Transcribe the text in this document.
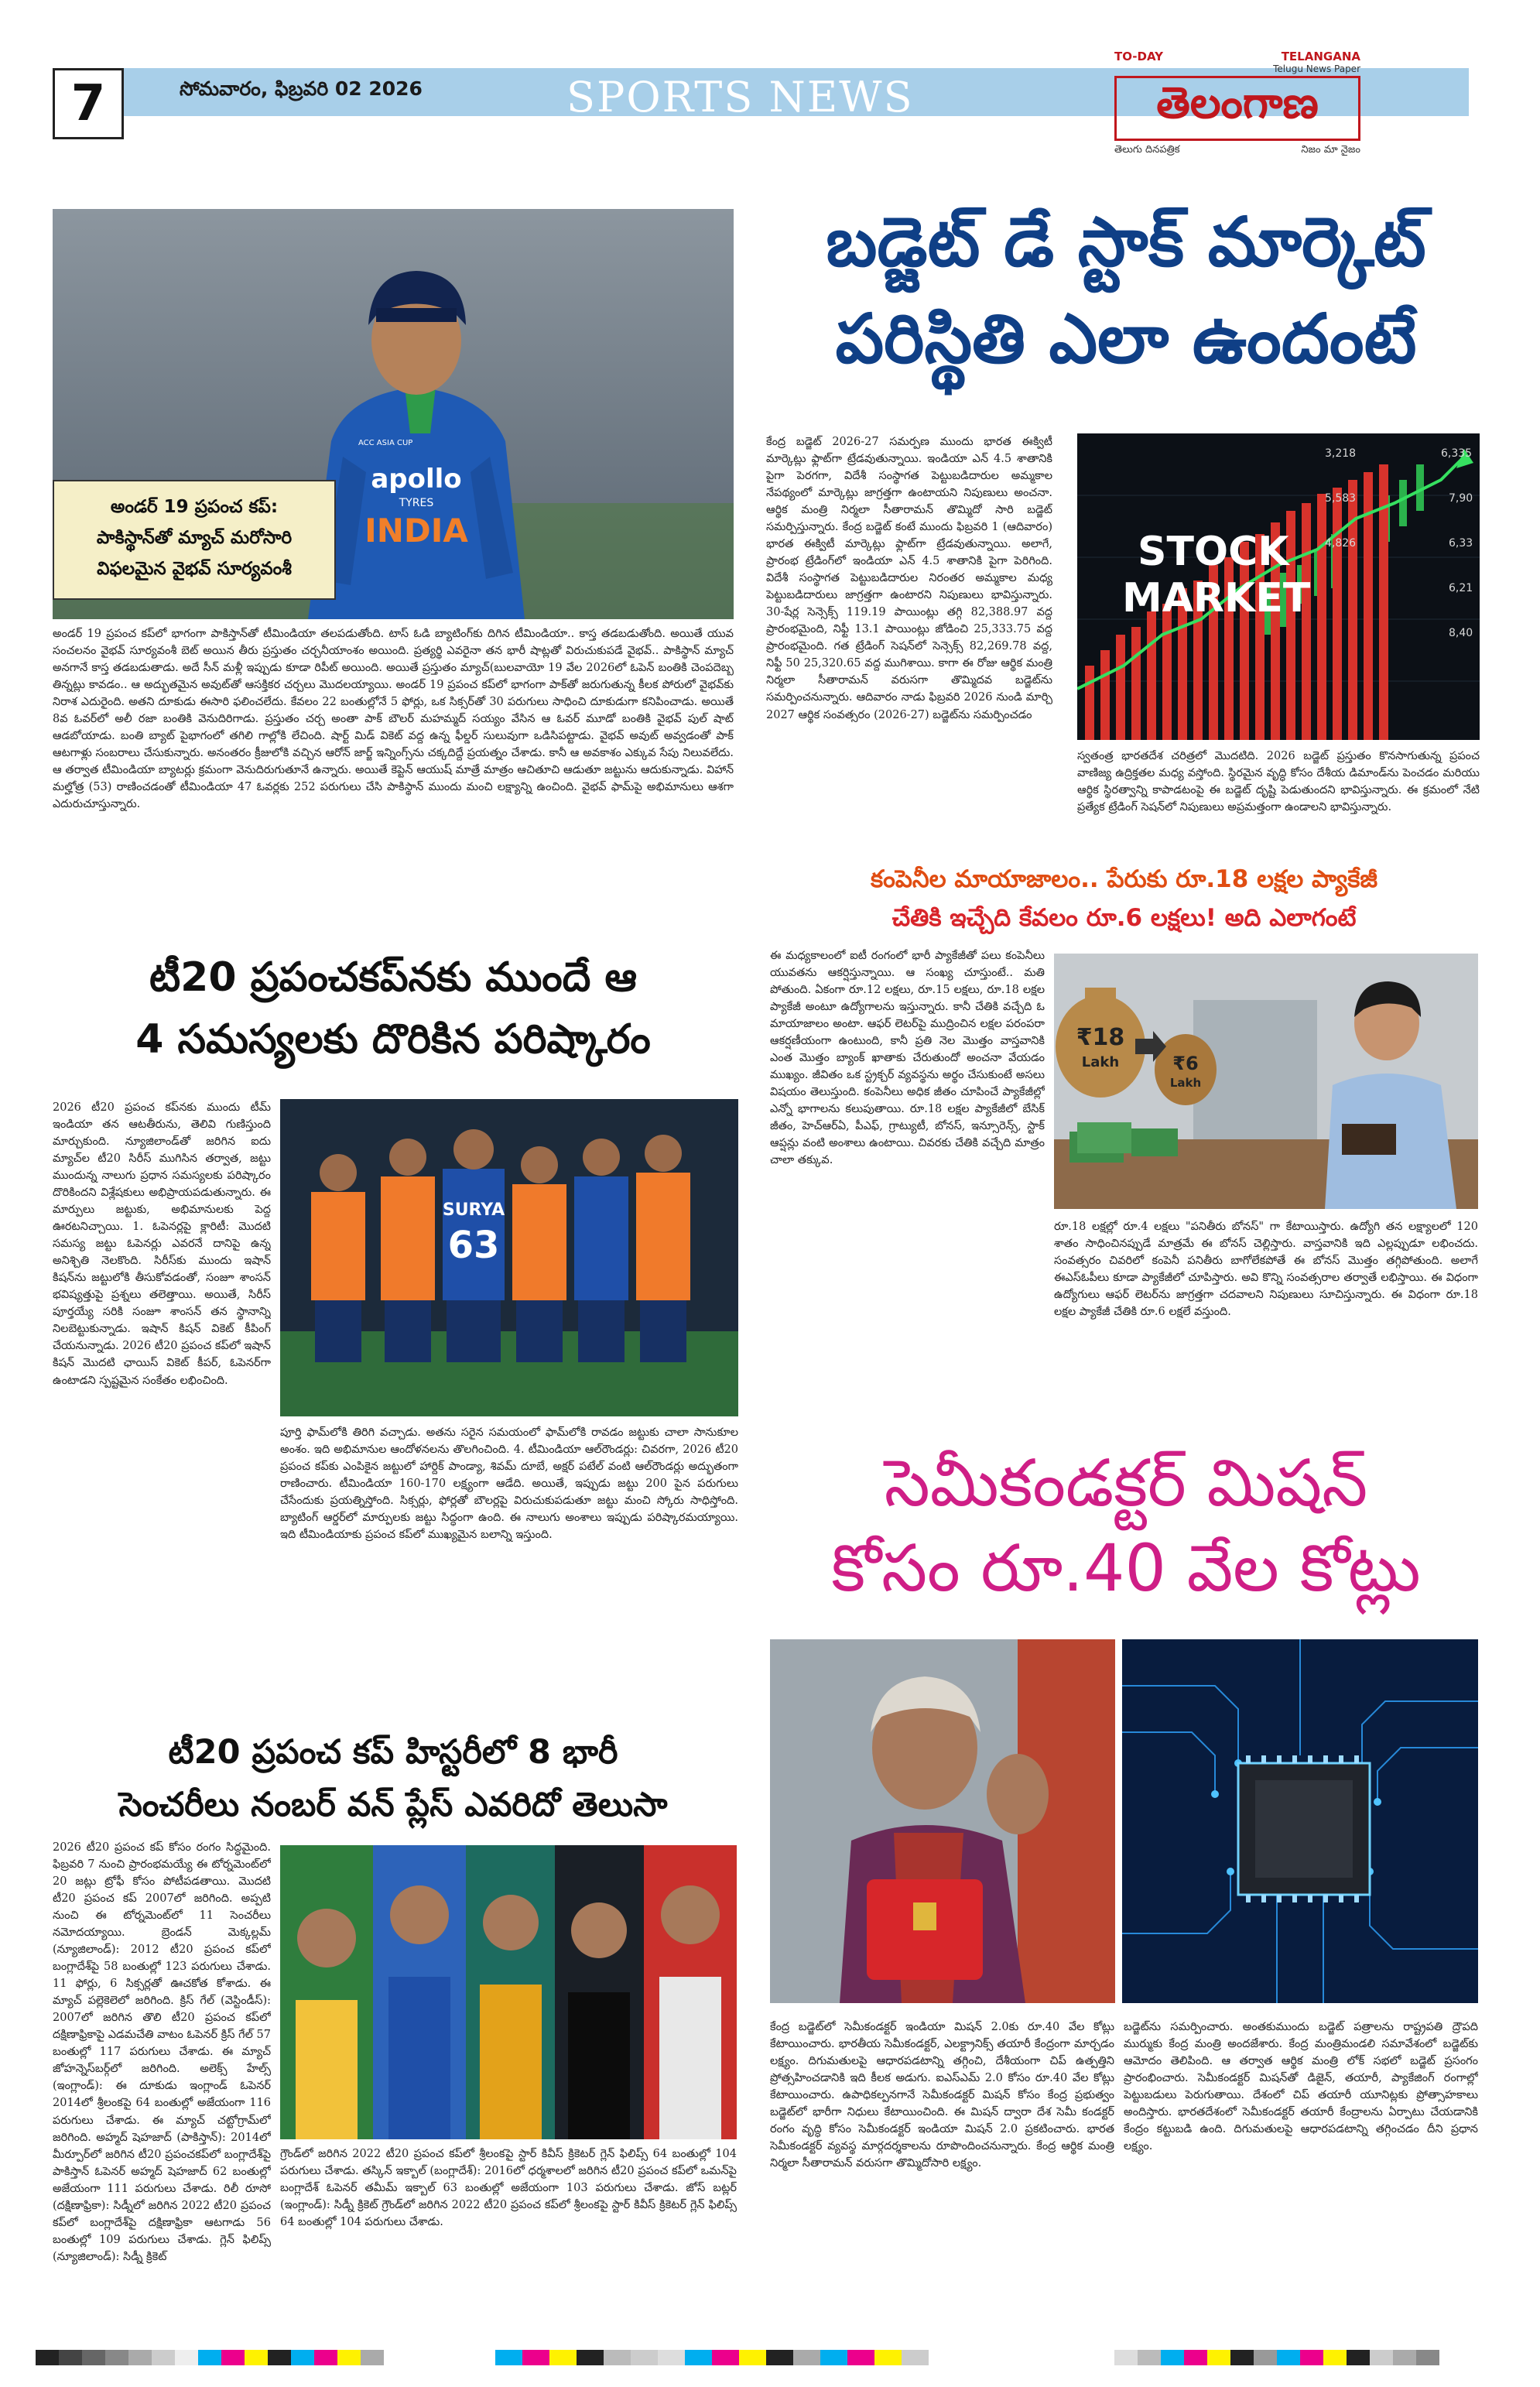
7	సోమవారం, ఫిబ్రవరి 02 2026	SPORTS NEWS
TO-DAY	TELANGANA
Telugu News Paper
తెలంగాణ
తెలుగు దినపత్రిక	నిజం మా నైజం
apollo
TYRES
INDIA
ACC ASIA CUP
అండర్ 19 ప్రపంచ కప్:
పాకిస్థాన్‌తో మ్యాచ్ మరోసారి
విఫలమైన వైభవ్ సూర్యవంశీ
అండర్ 19 ప్రపంచ కప్‌లో భాగంగా పాకిస్తాన్‌తో టీమిండియా తలపడుతోంది. టాస్ ఓడి బ్యాటింగ్‌కు దిగిన టీమిండియా.. కాస్త తడబడుతోంది. అయితే యువ సంచలనం వైభవ్ సూర్యవంశీ బెట్ అయిన తీరు ప్రస్తుతం చర్చనీయాంశం అయింది. ప్రత్యర్థి ఎవరైనా తన భారీ షాట్లతో విరుచుకుపడే వైభవ్.. పాకిస్థాన్ మ్యాచ్ అనగానే కాస్త తడబడుతాడు. అదే సీన్ మళ్లీ ఇప్పుడు కూడా రిపీట్ అయింది. అయితే ప్రస్తుతం మ్యాచ్‌(బులవాయో 19 వేల 2026లో ఓపెన్ బంతికి చెంపదెబ్బ తిన్నట్లు కావడం.. ఆ అద్భుతమైన అవుట్‌తో ఆసక్తికర చర్చలు మొదలయ్యాయి. అండర్ 19 ప్రపంచ కప్‌లో భాగంగా పాక్‌తో జరుగుతున్న కీలక పోరులో వైభవ్‌కు నిరాశ ఎదురైంది. అతని దూకుడు ఈసారి ఫలించలేదు. కేవలం 22 బంతుల్లోనే 5 ఫోర్లు, ఒక సిక్సర్‌తో 30 పరుగులు సాధించి దూకుడుగా కనిపించాడు. అయితే 8వ ఓవర్‌లో అలీ రజా బంతికి వెనుదిరిగాడు. ప్రస్తుతం చర్చ అంతా పాక్ బౌలర్ మహమ్మద్ సయ్యం వేసిన ఆ ఓవర్ మూడో బంతికి వైభవ్ పుల్ షాట్ ఆడబోయాడు. బంతి బ్యాట్ పైభాగంలో తగిలి గాల్లోకి లేచింది. షార్ట్ మిడ్ వికెట్ వద్ద ఉన్న ఫీల్డర్ సులువుగా ఒడిసిపట్టాడు. వైభవ్ అవుట్ అవ్వడంతో పాక్ ఆటగాళ్లు సంబరాలు చేసుకున్నారు. అనంతరం క్రీజులోకి వచ్చిన ఆరోన్ జార్జ్ ఇన్నింగ్స్‌ను చక్కదిద్దే ప్రయత్నం చేశాడు. కానీ ఆ అవకాశం ఎక్కువ సేపు నిలువలేదు. ఆ తర్వాత టీమిండియా బ్యాటర్లు క్రమంగా వెనుదిరుగుతూనే ఉన్నారు. అయితే కెప్టెన్ ఆయుష్ మాత్రే మాత్రం ఆచితూచి ఆడుతూ జట్టును ఆదుకున్నాడు. విహాన్ మల్హోత్ర (53) రాణించడంతో టీమిండియా 47 ఓవర్లకు 252 పరుగులు చేసి పాకిస్థాన్ ముందు మంచి లక్ష్యాన్ని ఉంచింది. వైభవ్ ఫామ్‌పై అభిమానులు ఆశగా ఎదురుచూస్తున్నారు.
బడ్జెట్ డే స్టాక్ మార్కెట్
పరిస్థితి ఎలా ఉందంటే
కేంద్ర బడ్జెట్ 2026-27 సమర్పణ ముందు భారత ఈక్విటీ మార్కెట్లు ఫ్లాట్‌గా ట్రేడవుతున్నాయి. ఇండియా ఎన్ 4.5 శాతానికి పైగా పెరగగా, విదేశీ సంస్థాగత పెట్టుబడిదారుల అమ్మకాల నేపథ్యంలో మార్కెట్లు జాగ్రత్తగా ఉంటాయని నిపుణులు అంచనా. ఆర్థిక మంత్రి నిర్మలా సీతారామన్ తొమ్మిదో సారి బడ్జెట్ సమర్పిస్తున్నారు. కేంద్ర బడ్జెట్ కంటే ముందు ఫిబ్రవరి 1 (ఆదివారం) భారత ఈక్విటీ మార్కెట్లు ఫ్లాట్‌గా ట్రేడవుతున్నాయి. అలాగే, ప్రారంభ ట్రేడింగ్‌లో ఇండియా ఎన్ 4.5 శాతానికి పైగా పెరిగింది. విదేశీ సంస్థాగత పెట్టుబడిదారుల నిరంతర అమ్మకాల మధ్య పెట్టుబడిదారులు జాగ్రత్తగా ఉంటారని నిపుణులు భావిస్తున్నారు. 30-షేర్ల సెన్సెక్స్ 119.19 పాయింట్లు తగ్గి 82,388.97 వద్ద ప్రారంభమైంది, నిఫ్టీ 13.1 పాయింట్లు జోడించి 25,333.75 వద్ద ప్రారంభమైంది. గత ట్రేడింగ్ సెషన్‌లో సెన్సెక్స్ 82,269.78 వద్ద, నిఫ్టీ 50 25,320.65 వద్ద ముగిశాయి. కాగా ఈ రోజు ఆర్థిక మంత్రి నిర్మలా సీతారామన్ వరుసగా తొమ్మిదవ బడ్జెట్‌ను సమర్పించనున్నారు. ఆదివారం నాడు ఫిబ్రవరి 2026 నుండి మార్చి 2027 ఆర్థిక సంవత్సరం (2026-27) బడ్జెట్‌ను సమర్పించడం
STOCK
MARKET
3,218	6,335
5,583	7,90
4,826	6,33
6,21
8,40
స్వతంత్ర భారతదేశ చరిత్రలో మొదటిది. 2026 బడ్జెట్ ప్రస్తుతం కొనసాగుతున్న ప్రపంచ వాణిజ్య ఉద్రిక్తతల మధ్య వస్తోంది. స్థిరమైన వృద్ధి కోసం దేశీయ డిమాండ్‌ను పెంచడం మరియు ఆర్థిక స్థిరత్వాన్ని కాపాడటంపై ఈ బడ్జెట్ దృష్టి పెడుతుందని భావిస్తున్నారు. ఈ క్రమంలో నేటి ప్రత్యేక ట్రేడింగ్ సెషన్‌లో నిపుణులు అప్రమత్తంగా ఉండాలని భావిస్తున్నారు.
కంపెనీల మాయాజాలం.. పేరుకు రూ.18 లక్షల ప్యాకేజీ
చేతికి ఇచ్చేది కేవలం రూ.6 లక్షలు! అది ఎలాగంటే
ఈ మధ్యకాలంలో ఐటీ రంగంలో భారీ ప్యాకేజీతో పలు కంపెనీలు యువతను ఆకర్షిస్తున్నాయి. ఆ సంఖ్య చూస్తుంటే.. మతి పోతుంది. ఏకంగా రూ.12 లక్షలు, రూ.15 లక్షలు, రూ.18 లక్షల ప్యాకేజీ అంటూ ఉద్యోగాలను ఇస్తున్నారు. కానీ చేతికి వచ్చేది ఓ మాయాజాలం అంటా. ఆఫర్ లెటర్‌పై ముద్రించిన లక్షల పరంపరా ఆకర్షణీయంగా ఉంటుంది, కానీ ప్రతి నెల మొత్తం వాస్తవానికి ఎంత మొత్తం బ్యాంక్ ఖాతాకు చేరుతుందో అంచనా వేయడం ముఖ్యం. జీవితం ఒక స్ట్రక్చర్ వ్యవస్థను అర్థం చేసుకుంటే అసలు విషయం తెలుస్తుంది. కంపెనీలు అధిక జీతం చూపించే ప్యాకేజీల్లో ఎన్నో భాగాలను కలుపుతాయి. రూ.18 లక్షల ప్యాకేజీలో బేసిక్ జీతం, హెచ్‌ఆర్‌ఏ, పీఎఫ్, గ్రాట్యుటీ, బోనస్, ఇన్సూరెన్స్, స్టాక్ ఆప్షన్లు వంటి అంశాలు ఉంటాయి. చివరకు చేతికి వచ్చేది మాత్రం చాలా తక్కువ.
₹18
Lakh	₹6
Lakh
రూ.18 లక్షల్లో రూ.4 లక్షలు "పనితీరు బోనస్" గా కేటాయిస్తారు. ఉద్యోగి తన లక్ష్యాలలో 120 శాతం సాధించినప్పుడే మాత్రమే ఈ బోనస్ చెల్లిస్తారు. వాస్తవానికి ఇది ఎల్లప్పుడూ లభించదు. సంవత్సరం చివరిలో కంపెనీ పనితీరు బాగోలేకపోతే ఈ బోనస్ మొత్తం తగ్గిపోతుంది. అలాగే ఈఎస్‌ఓపీలు కూడా ప్యాకేజీలో చూపిస్తారు. అవి కొన్ని సంవత్సరాల తర్వాతే లభిస్తాయి. ఈ విధంగా ఉద్యోగులు ఆఫర్ లెటర్‌ను జాగ్రత్తగా చదవాలని నిపుణులు సూచిస్తున్నారు. ఈ విధంగా రూ.18 లక్షల ప్యాకేజీ చేతికి రూ.6 లక్షలే వస్తుంది.
టీ20 ప్రపంచకప్‌నకు ముందే ఆ
4 సమస్యలకు దొరికిన పరిష్కారం
2026 టీ20 ప్రపంచ కప్‌నకు ముందు టీమ్ ఇండియా తన ఆటతీరును, తెలివి గుణిస్తుంది మార్చుకుంది. న్యూజిలాండ్‌తో జరిగిన ఐదు మ్యాచ్‌ల టీ20 సిరీస్ ముగిసిన తర్వాత, జట్టు ముందున్న నాలుగు ప్రధాన సమస్యలకు పరిష్కారం దొరికిందని విశ్లేషకులు అభిప్రాయపడుతున్నారు. ఈ మార్పులు జట్టుకు, అభిమానులకు పెద్ద ఊరటనిచ్చాయి. 1. ఓపెనర్లపై క్లారిటీ: మొదటి సమస్య జట్టు ఓపెనర్లు ఎవరనే దానిపై ఉన్న అనిశ్చితి నెలకొంది. సిరీస్‌కు ముందు ఇషాన్ కిషన్‌ను జట్టులోకి తీసుకోవడంతో, సంజూ శాంసన్ భవిష్యత్తుపై ప్రశ్నలు తలెత్తాయి. అయితే, సిరీస్ పూర్తయ్యే సరికి సంజూ శాంసన్ తన స్థానాన్ని నిలబెట్టుకున్నాడు. ఇషాన్ కిషన్ వికెట్ కీపింగ్ చేయనున్నాడు. 2026 టీ20 ప్రపంచ కప్‌లో ఇషాన్ కిషన్ మొదటి ఛాయిస్ వికెట్ కీపర్, ఓపెనర్‌గా ఉంటాడని స్పష్టమైన సంకేతం లభించింది.
SURYA
63
పూర్తి ఫామ్‌లోకి తిరిగి వచ్చాడు. అతను సరైన సమయంలో ఫామ్‌లోకి రావడం జట్టుకు చాలా సానుకూల అంశం. ఇది అభిమానుల ఆందోళనలను తొలగించింది. 4. టీమిండియా ఆల్‌రౌండర్లు: చివరగా, 2026 టీ20 ప్రపంచ కప్‌కు ఎంపికైన జట్టులో హార్దిక్ పాండ్యా, శివమ్ దూబే, అక్షర్ పటేల్ వంటి ఆల్‌రౌండర్లు అద్భుతంగా రాణించారు. టీమిండియా 160-170 లక్ష్యంగా ఆడేది. అయితే, ఇప్పుడు జట్టు 200 పైన పరుగులు చేసేందుకు ప్రయత్నిస్తోంది. సిక్సర్లు, ఫోర్లతో బౌలర్లపై విరుచుకుపడుతూ జట్టు మంచి స్కోరు సాధిస్తోంది. బ్యాటింగ్ ఆర్డర్‌లో మార్పులకు జట్టు సిద్ధంగా ఉంది. ఈ నాలుగు అంశాలు ఇప్పుడు పరిష్కారమయ్యాయి. ఇది టీమిండియాకు ప్రపంచ కప్‌లో ముఖ్యమైన బలాన్ని ఇస్తుంది.
టీ20 ప్రపంచ కప్ హిస్టరీలో 8 భారీ
సెంచరీలు నంబర్ వన్ ప్లేస్ ఎవరిదో తెలుసా
2026 టీ20 ప్రపంచ కప్ కోసం రంగం సిద్ధమైంది. ఫిబ్రవరి 7 నుంచి ప్రారంభమయ్యే ఈ టోర్నమెంట్‌లో 20 జట్లు ట్రోఫీ కోసం పోటీపడతాయి. మొదటి టీ20 ప్రపంచ కప్ 2007లో జరిగింది. అప్పటి నుంచి ఈ టోర్నమెంట్‌లో 11 సెంచరీలు నమోదయ్యాయి. బ్రెండన్ మెక్కల్లమ్ (న్యూజిలాండ్): 2012 టీ20 ప్రపంచ కప్‌లో బంగ్లాదేశ్‌పై 58 బంతుల్లో 123 పరుగులు చేశాడు. 11 ఫోర్లు, 6 సిక్సర్లతో ఊచకోత కోశాడు. ఈ మ్యాచ్ పల్లెకెలెలో జరిగింది. క్రిస్ గేల్ (వెస్టిండీస్): 2007లో జరిగిన తొలి టీ20 ప్రపంచ కప్‌లో దక్షిణాఫ్రికాపై ఎడమచేతి వాటం ఓపెనర్ క్రిస్ గేల్ 57 బంతుల్లో 117 పరుగులు చేశాడు. ఈ మ్యాచ్ జోహన్నెస్‌బర్గ్‌లో జరిగింది. అలెక్స్ హేల్స్ (ఇంగ్లాండ్): ఈ దూకుడు ఇంగ్లాండ్ ఓపెనర్ 2014లో శ్రీలంకపై 64 బంతుల్లో అజేయంగా 116 పరుగులు చేశాడు. ఈ మ్యాచ్ చట్టోగ్రామ్‌లో జరిగింది. అహ్మద్ షెహజాద్ (పాకిస్తాన్): 2014లో మీర్పూర్‌లో జరిగిన టీ20 ప్రపంచకప్‌లో బంగ్లాదేశ్‌పై పాకిస్తాన్ ఓపెనర్ అహ్మద్ షెహజాద్ 62 బంతుల్లో అజేయంగా 111 పరుగులు చేశాడు. రిలీ రూసో (దక్షిణాఫ్రికా): సిడ్నీలో జరిగిన 2022 టీ20 ప్రపంచ కప్‌లో బంగ్లాదేశ్‌పై దక్షిణాఫ్రికా ఆటగాడు 56 బంతుల్లో 109 పరుగులు చేశాడు. గ్లెన్ ఫిలిప్స్ (న్యూజిలాండ్): సిడ్నీ క్రికెట్
గ్రౌండ్‌లో జరిగిన 2022 టీ20 ప్రపంచ కప్‌లో శ్రీలంకపై స్టార్ కివీస్ క్రికెటర్ గ్లెన్ ఫిలిప్స్ 64 బంతుల్లో 104 పరుగులు చేశాడు. తస్కిన్ ఇక్బాల్ (బంగ్లాదేశ్): 2016లో ధర్మశాలలో జరిగిన టీ20 ప్రపంచ కప్‌లో ఒమన్‌పై బంగ్లాదేశ్ ఓపెనర్ తమీమ్ ఇక్బాల్ 63 బంతుల్లో అజేయంగా 103 పరుగులు చేశాడు. జోస్ బట్లర్ (ఇంగ్లాండ్): సిడ్నీ క్రికెట్ గ్రౌండ్‌లో జరిగిన 2022 టీ20 ప్రపంచ కప్‌లో శ్రీలంకపై స్టార్ కివీస్ క్రికెటర్ గ్లెన్ ఫిలిప్స్ 64 బంతుల్లో 104 పరుగులు చేశాడు.
సెమీకండక్టర్ మిషన్
కోసం రూ.40 వేల కోట్లు
కేంద్ర బడ్జెట్‌లో సెమీకండక్టర్ ఇండియా మిషన్ 2.0కు రూ.40 వేల కోట్లు కేటాయించారు. భారతీయ సెమీకండక్టర్, ఎలక్ట్రానిక్స్ తయారీ కేంద్రంగా మార్చడం లక్ష్యం. దిగుమతులపై ఆధారపడటాన్ని తగ్గించి, దేశీయంగా చిప్ ఉత్పత్తిని ప్రోత్సహించడానికి ఇది కీలక అడుగు. ఐఎస్ఎమ్ 2.0 కోసం రూ.40 వేల కోట్లు కేటాయించారు. ఉపాధికల్పనగానే సెమీకండక్టర్ మిషన్ కోసం కేంద్ర ప్రభుత్వం బడ్జెట్‌లో భారీగా నిధులు కేటాయించింది. ఈ మిషన్ ద్వారా దేశ సెమీ కండక్టర్ రంగం వృద్ధి కోసం సెమీకండక్టర్ ఇండియా మిషన్ 2.0 ప్రకటించారు. భారత సెమీకండక్టర్ వ్యవస్థ మార్గదర్శకాలను రూపొందించనున్నారు. కేంద్ర ఆర్థిక మంత్రి నిర్మలా సీతారామన్ వరుసగా తొమ్మిదోసారి లక్ష్యం.
బడ్జెట్‌ను సమర్పించారు. అంతకుముందు బడ్జెట్ పత్రాలను రాష్ట్రపతి ద్రౌపది ముర్ముకు కేంద్ర మంత్రి అందజేశారు. కేంద్ర మంత్రిమండలి సమావేశంలో బడ్జెట్‌కు ఆమోదం తెలిపింది. ఆ తర్వాత ఆర్థిక మంత్రి లోక్ సభలో బడ్జెట్ ప్రసంగం ప్రారంభించారు. సెమీకండక్టర్ మిషన్‌తో డిజైన్, తయారీ, ప్యాకేజింగ్ రంగాల్లో పెట్టుబడులు పెరుగుతాయి. దేశంలో చిప్ తయారీ యూనిట్లకు ప్రోత్సాహకాలు అందిస్తారు. భారతదేశంలో సెమీకండక్టర్ తయారీ కేంద్రాలను ఏర్పాటు చేయడానికి కేంద్రం కట్టుబడి ఉంది. దిగుమతులపై ఆధారపడటాన్ని తగ్గించడం దీని ప్రధాన లక్ష్యం.
